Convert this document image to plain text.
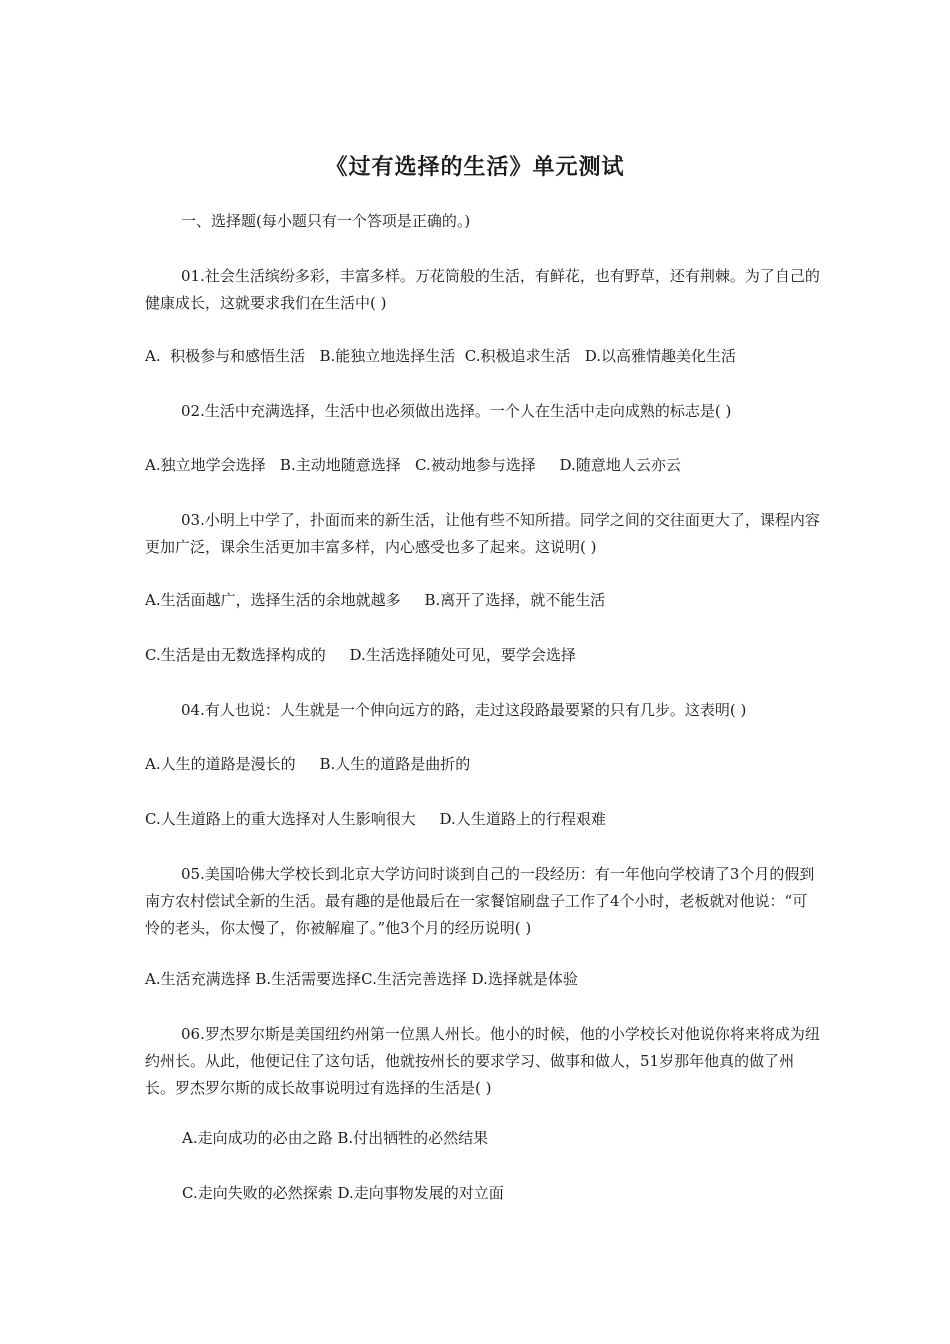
《过有选择的生活》单元测试
一、选择题(每小题只有一个答项是正确的。)
01.社会生活缤纷多彩，丰富多样。万花筒般的生活，有鲜花，也有野草，还有荆棘。为了自己的健康成长，这就要求我们在生活中( )
A.  积极参与和感悟生活   B.能独立地选择生活  C.积极追求生活   D.以高雅情趣美化生活
02.生活中充满选择，生活中也必须做出选择。一个人在生活中走向成熟的标志是( )
A.独立地学会选择   B.主动地随意选择   C.被动地参与选择     D.随意地人云亦云
03.小明上中学了，扑面而来的新生活，让他有些不知所措。同学之间的交往面更大了，课程内容更加广泛，课余生活更加丰富多样，内心感受也多了起来。这说明( )
A.生活面越广，选择生活的余地就越多     B.离开了选择，就不能生活
C.生活是由无数选择构成的     D.生活选择随处可见，要学会选择
04.有人也说：人生就是一个伸向远方的路，走过这段路最要紧的只有几步。这表明( )
A.人生的道路是漫长的     B.人生的道路是曲折的
C.人生道路上的重大选择对人生影响很大     D.人生道路上的行程艰难
05.美国哈佛大学校长到北京大学访问时谈到自己的一段经历：有一年他向学校请了3个月的假到南方农村偿试全新的生活。最有趣的是他最后在一家餐馆刷盘子工作了4个小时，老板就对他说：“可怜的老头，你太慢了，你被解雇了。”他3个月的经历说明( )
A.生活充满选择 B.生活需要选择C.生活完善选择 D.选择就是体验
06.罗杰罗尔斯是美国纽约州第一位黑人州长。他小的时候，他的小学校长对他说你将来将成为纽约州长。从此，他便记住了这句话，他就按州长的要求学习、做事和做人，51岁那年他真的做了州长。罗杰罗尔斯的成长故事说明过有选择的生活是( )
A.走向成功的必由之路 B.付出牺牲的必然结果
C.走向失败的必然探索 D.走向事物发展的对立面
